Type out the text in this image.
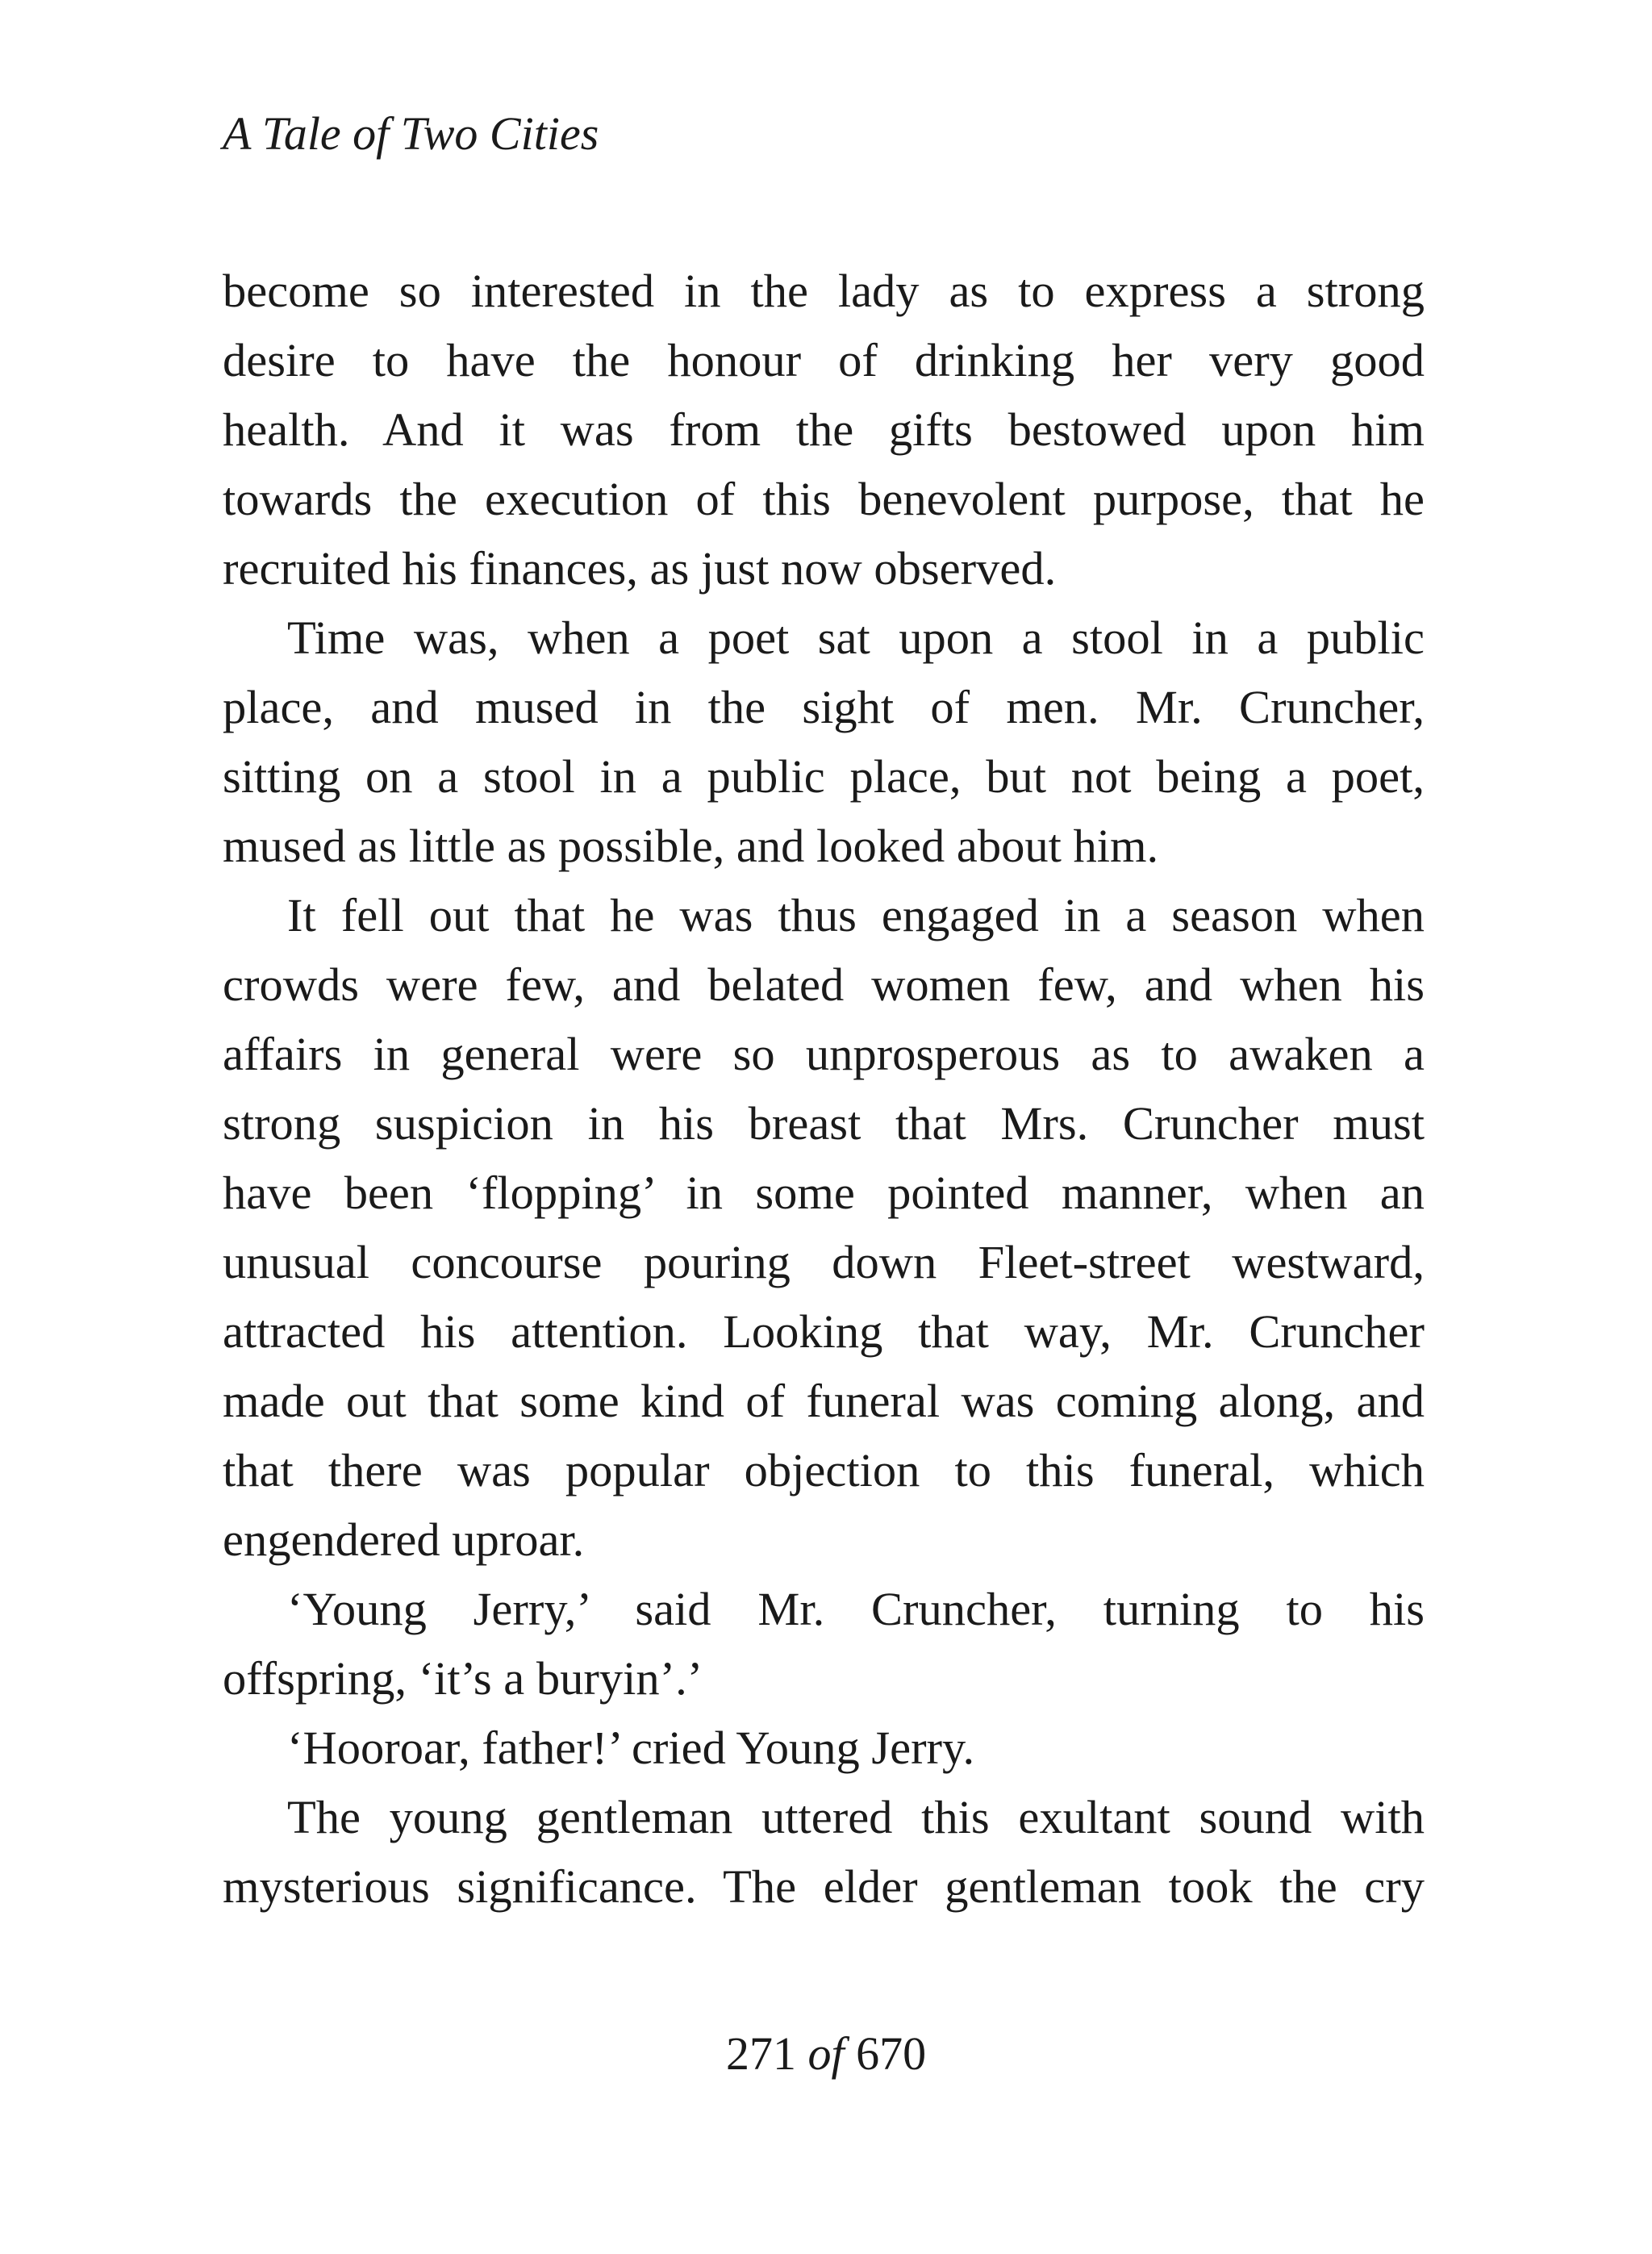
A Tale of Two Cities
become so interested in the lady as to express a strong
desire to have the honour of drinking her very good
health. And it was from the gifts bestowed upon him
towards the execution of this benevolent purpose, that he
recruited his finances, as just now observed.
Time was, when a poet sat upon a stool in a public
place, and mused in the sight of men. Mr. Cruncher,
sitting on a stool in a public place, but not being a poet,
mused as little as possible, and looked about him.
It fell out that he was thus engaged in a season when
crowds were few, and belated women few, and when his
affairs in general were so unprosperous as to awaken a
strong suspicion in his breast that Mrs. Cruncher must
have been ‘flopping’ in some pointed manner, when an
unusual concourse pouring down Fleet-street westward,
attracted his attention. Looking that way, Mr. Cruncher
made out that some kind of funeral was coming along, and
that there was popular objection to this funeral, which
engendered uproar.
‘Young Jerry,’ said Mr. Cruncher, turning to his
offspring, ‘it’s a buryin’.’
‘Hooroar, father!’ cried Young Jerry.
The young gentleman uttered this exultant sound with
mysterious significance. The elder gentleman took the cry
271 of 670
